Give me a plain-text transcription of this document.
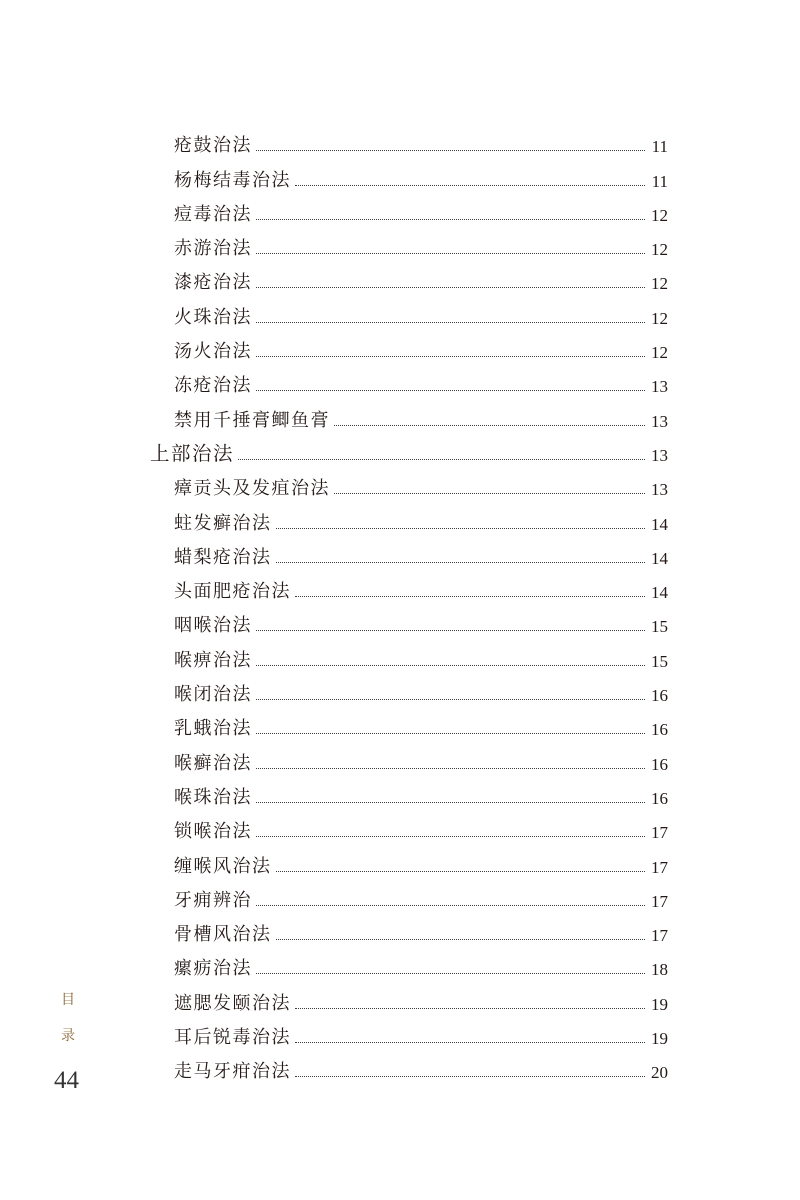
疮鼓治法	11
杨梅结毒治法	11
痘毒治法	12
赤游治法	12
漆疮治法	12
火珠治法	12
汤火治法	12
冻疮治法	13
禁用千捶膏鲫鱼膏	13
上部治法	13
瘴贡头及发疽治法	13
蛀发癣治法	14
蜡梨疮治法	14
头面肥疮治法	14
咽喉治法	15
喉痹治法	15
喉闭治法	16
乳蛾治法	16
喉癣治法	16
喉珠治法	16
锁喉治法	17
缠喉风治法	17
牙痈辨治	17
骨槽风治法	17
瘰疬治法	18
遮腮发颐治法	19
耳后锐毒治法	19
走马牙疳治法	20
目
录
44
